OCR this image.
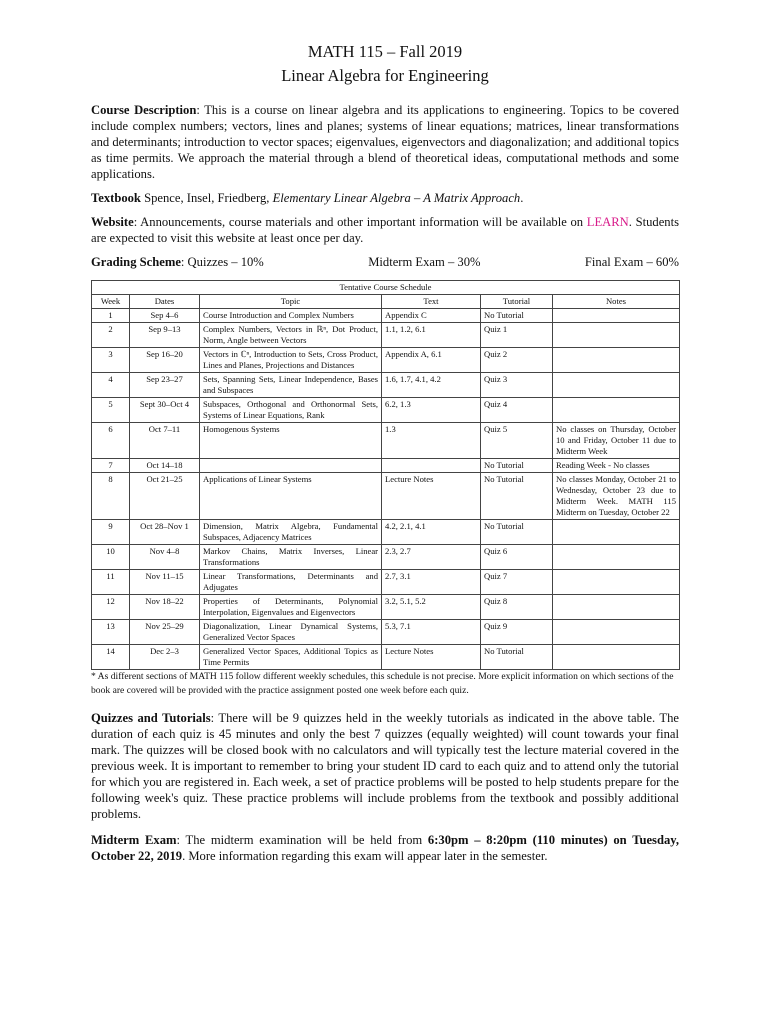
MATH 115 – Fall 2019
Linear Algebra for Engineering

Course Description: This is a course on linear algebra and its applications to engineering. Topics to be covered include complex numbers; vectors, lines and planes; systems of linear equations; matrices, linear transformations and determinants; introduction to vector spaces; eigenvalues, eigenvectors and diagonalization; and additional topics as time permits. We approach the material through a blend of theoretical ideas, computational methods and some applications.

Textbook Spence, Insel, Friedberg, Elementary Linear Algebra – A Matrix Approach.

Website: Announcements, course materials and other important information will be available on LEARN. Students are expected to visit this website at least once per day.

Grading Scheme: Quizzes – 10%	Midterm Exam – 30%	Final Exam – 60%
Tentative Course Schedule					
Week	Dates	Topic	Text	Tutorial	Notes
1	Sep 4–6	Course Introduction and Complex Numbers	Appendix C	No Tutorial	
2	Sep 9–13	Complex Numbers, Vectors in ℝⁿ, Dot Product, Norm, Angle between Vectors	1.1, 1.2, 6.1	Quiz 1	
3	Sep 16–20	Vectors in ℂⁿ, Introduction to Sets, Cross Product, Lines and Planes, Projections and Distances	Appendix A, 6.1	Quiz 2	
4	Sep 23–27	Sets, Spanning Sets, Linear Independence, Bases and Subspaces	1.6, 1.7, 4.1, 4.2	Quiz 3	
5	Sept 30–Oct 4	Subspaces, Orthogonal and Orthonormal Sets, Systems of Linear Equations, Rank	6.2, 1.3	Quiz 4	
6	Oct 7–11	Homogenous Systems	1.3	Quiz 5	No classes on Thursday, October 10 and Friday, October 11 due to Midterm Week
7	Oct 14–18			No Tutorial	Reading Week - No classes
8	Oct 21–25	Applications of Linear Systems	Lecture Notes	No Tutorial	No classes Monday, October 21 to Wednesday, October 23 due to Midterm Week. MATH 115 Midterm on Tuesday, October 22
9	Oct 28–Nov 1	Dimension, Matrix Algebra, Fundamental Subspaces, Adjacency Matrices	4.2, 2.1, 4.1	No Tutorial	
10	Nov 4–8	Markov Chains, Matrix Inverses, Linear Transformations	2.3, 2.7	Quiz 6	
11	Nov 11–15	Linear Transformations, Determinants and Adjugates	2.7, 3.1	Quiz 7	
12	Nov 18–22	Properties of Determinants, Polynomial Interpolation, Eigenvalues and Eigenvectors	3.2, 5.1, 5.2	Quiz 8	
13	Nov 25–29	Diagonalization, Linear Dynamical Systems, Generalized Vector Spaces	5.3, 7.1	Quiz 9	
14	Dec 2–3	Generalized Vector Spaces, Additional Topics as Time Permits	Lecture Notes	No Tutorial	

* As different sections of MATH 115 follow different weekly schedules, this schedule is not precise. More explicit information on which sections of the book are covered will be provided with the practice assignment posted one week before each quiz.

Quizzes and Tutorials: There will be 9 quizzes held in the weekly tutorials as indicated in the above table. The duration of each quiz is 45 minutes and only the best 7 quizzes (equally weighted) will count towards your final mark. The quizzes will be closed book with no calculators and will typically test the lecture material covered in the previous week. It is important to remember to bring your student ID card to each quiz and to attend only the tutorial for which you are registered in. Each week, a set of practice problems will be posted to help students prepare for the following week's quiz. These practice problems will include problems from the textbook and possibly additional problems.

Midterm Exam: The midterm examination will be held from 6:30pm – 8:20pm (110 minutes) on Tuesday, October 22, 2019. More information regarding this exam will appear later in the semester.
